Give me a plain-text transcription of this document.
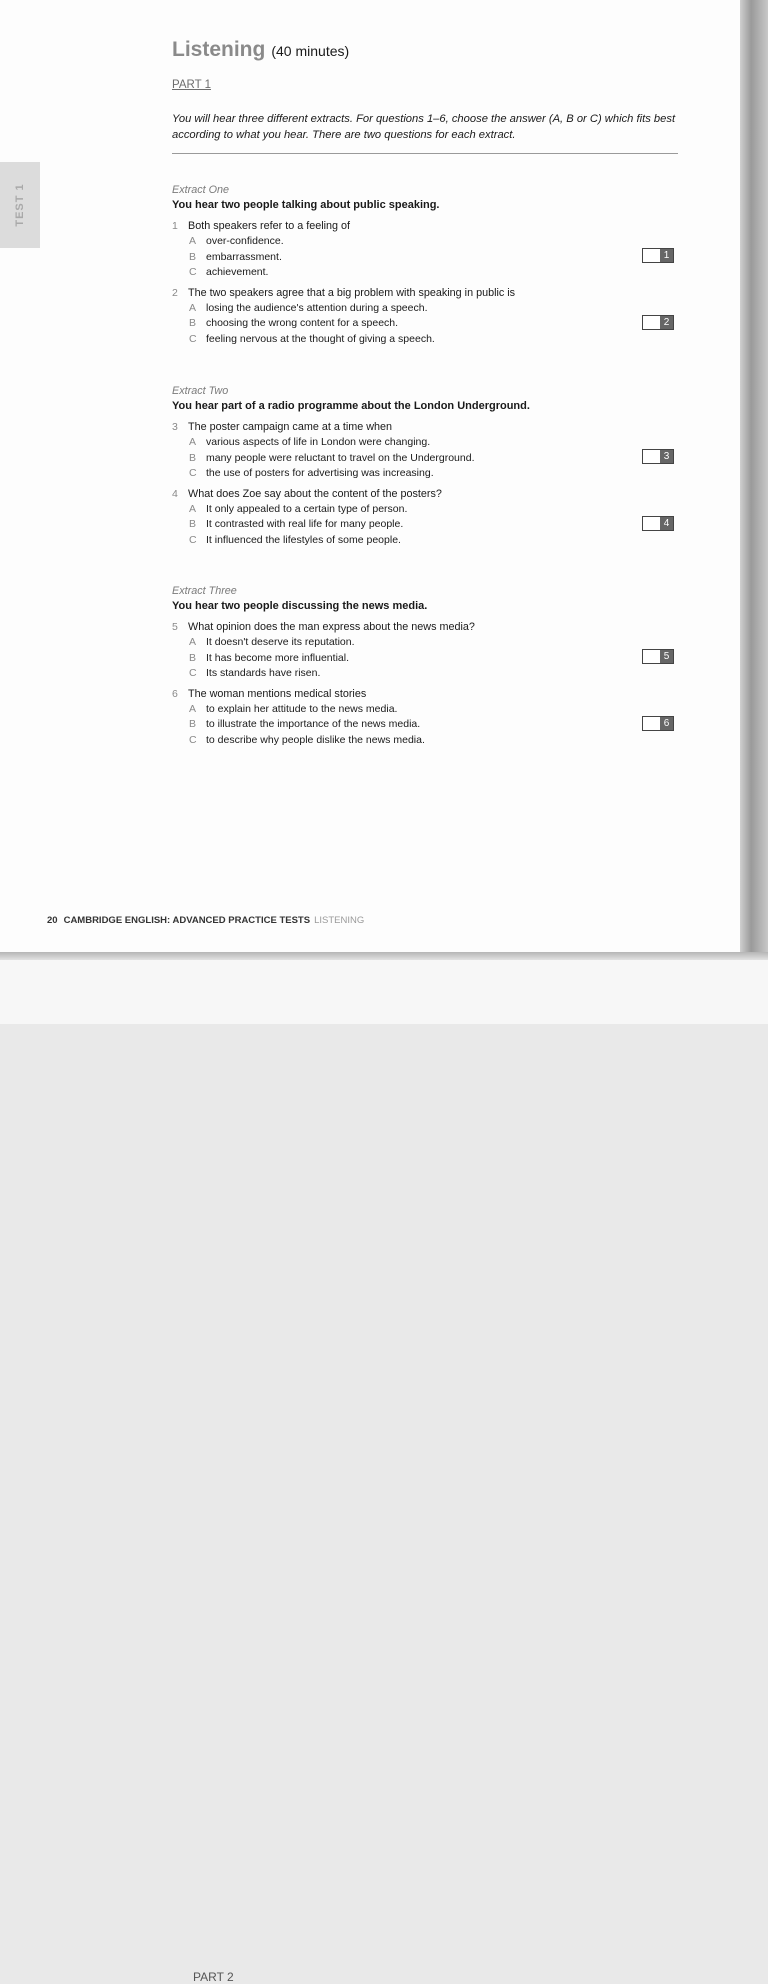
TEST 1
Listening (40 minutes)
PART 1
You will hear three different extracts. For questions 1–6, choose the answer (A, B or C) which fits best according to what you hear. There are two questions for each extract.
Extract One
You hear two people talking about public speaking.
1 Both speakers refer to a feeling of
A over-confidence.
B embarrassment.
C achievement.
1
2 The two speakers agree that a big problem with speaking in public is
A losing the audience's attention during a speech.
B choosing the wrong content for a speech.
C feeling nervous at the thought of giving a speech.
2
Extract Two
You hear part of a radio programme about the London Underground.
3 The poster campaign came at a time when
A various aspects of life in London were changing.
B many people were reluctant to travel on the Underground.
C the use of posters for advertising was increasing.
3
4 What does Zoe say about the content of the posters?
A It only appealed to a certain type of person.
B It contrasted with real life for many people.
C It influenced the lifestyles of some people.
4
Extract Three
You hear two people discussing the news media.
5 What opinion does the man express about the news media?
A It doesn't deserve its reputation.
B It has become more influential.
C Its standards have risen.
5
6 The woman mentions medical stories
A to explain her attitude to the news media.
B to illustrate the importance of the news media.
C to describe why people dislike the news media.
6
20 CAMBRIDGE ENGLISH: ADVANCED PRACTICE TESTS LISTENING
PART 2
